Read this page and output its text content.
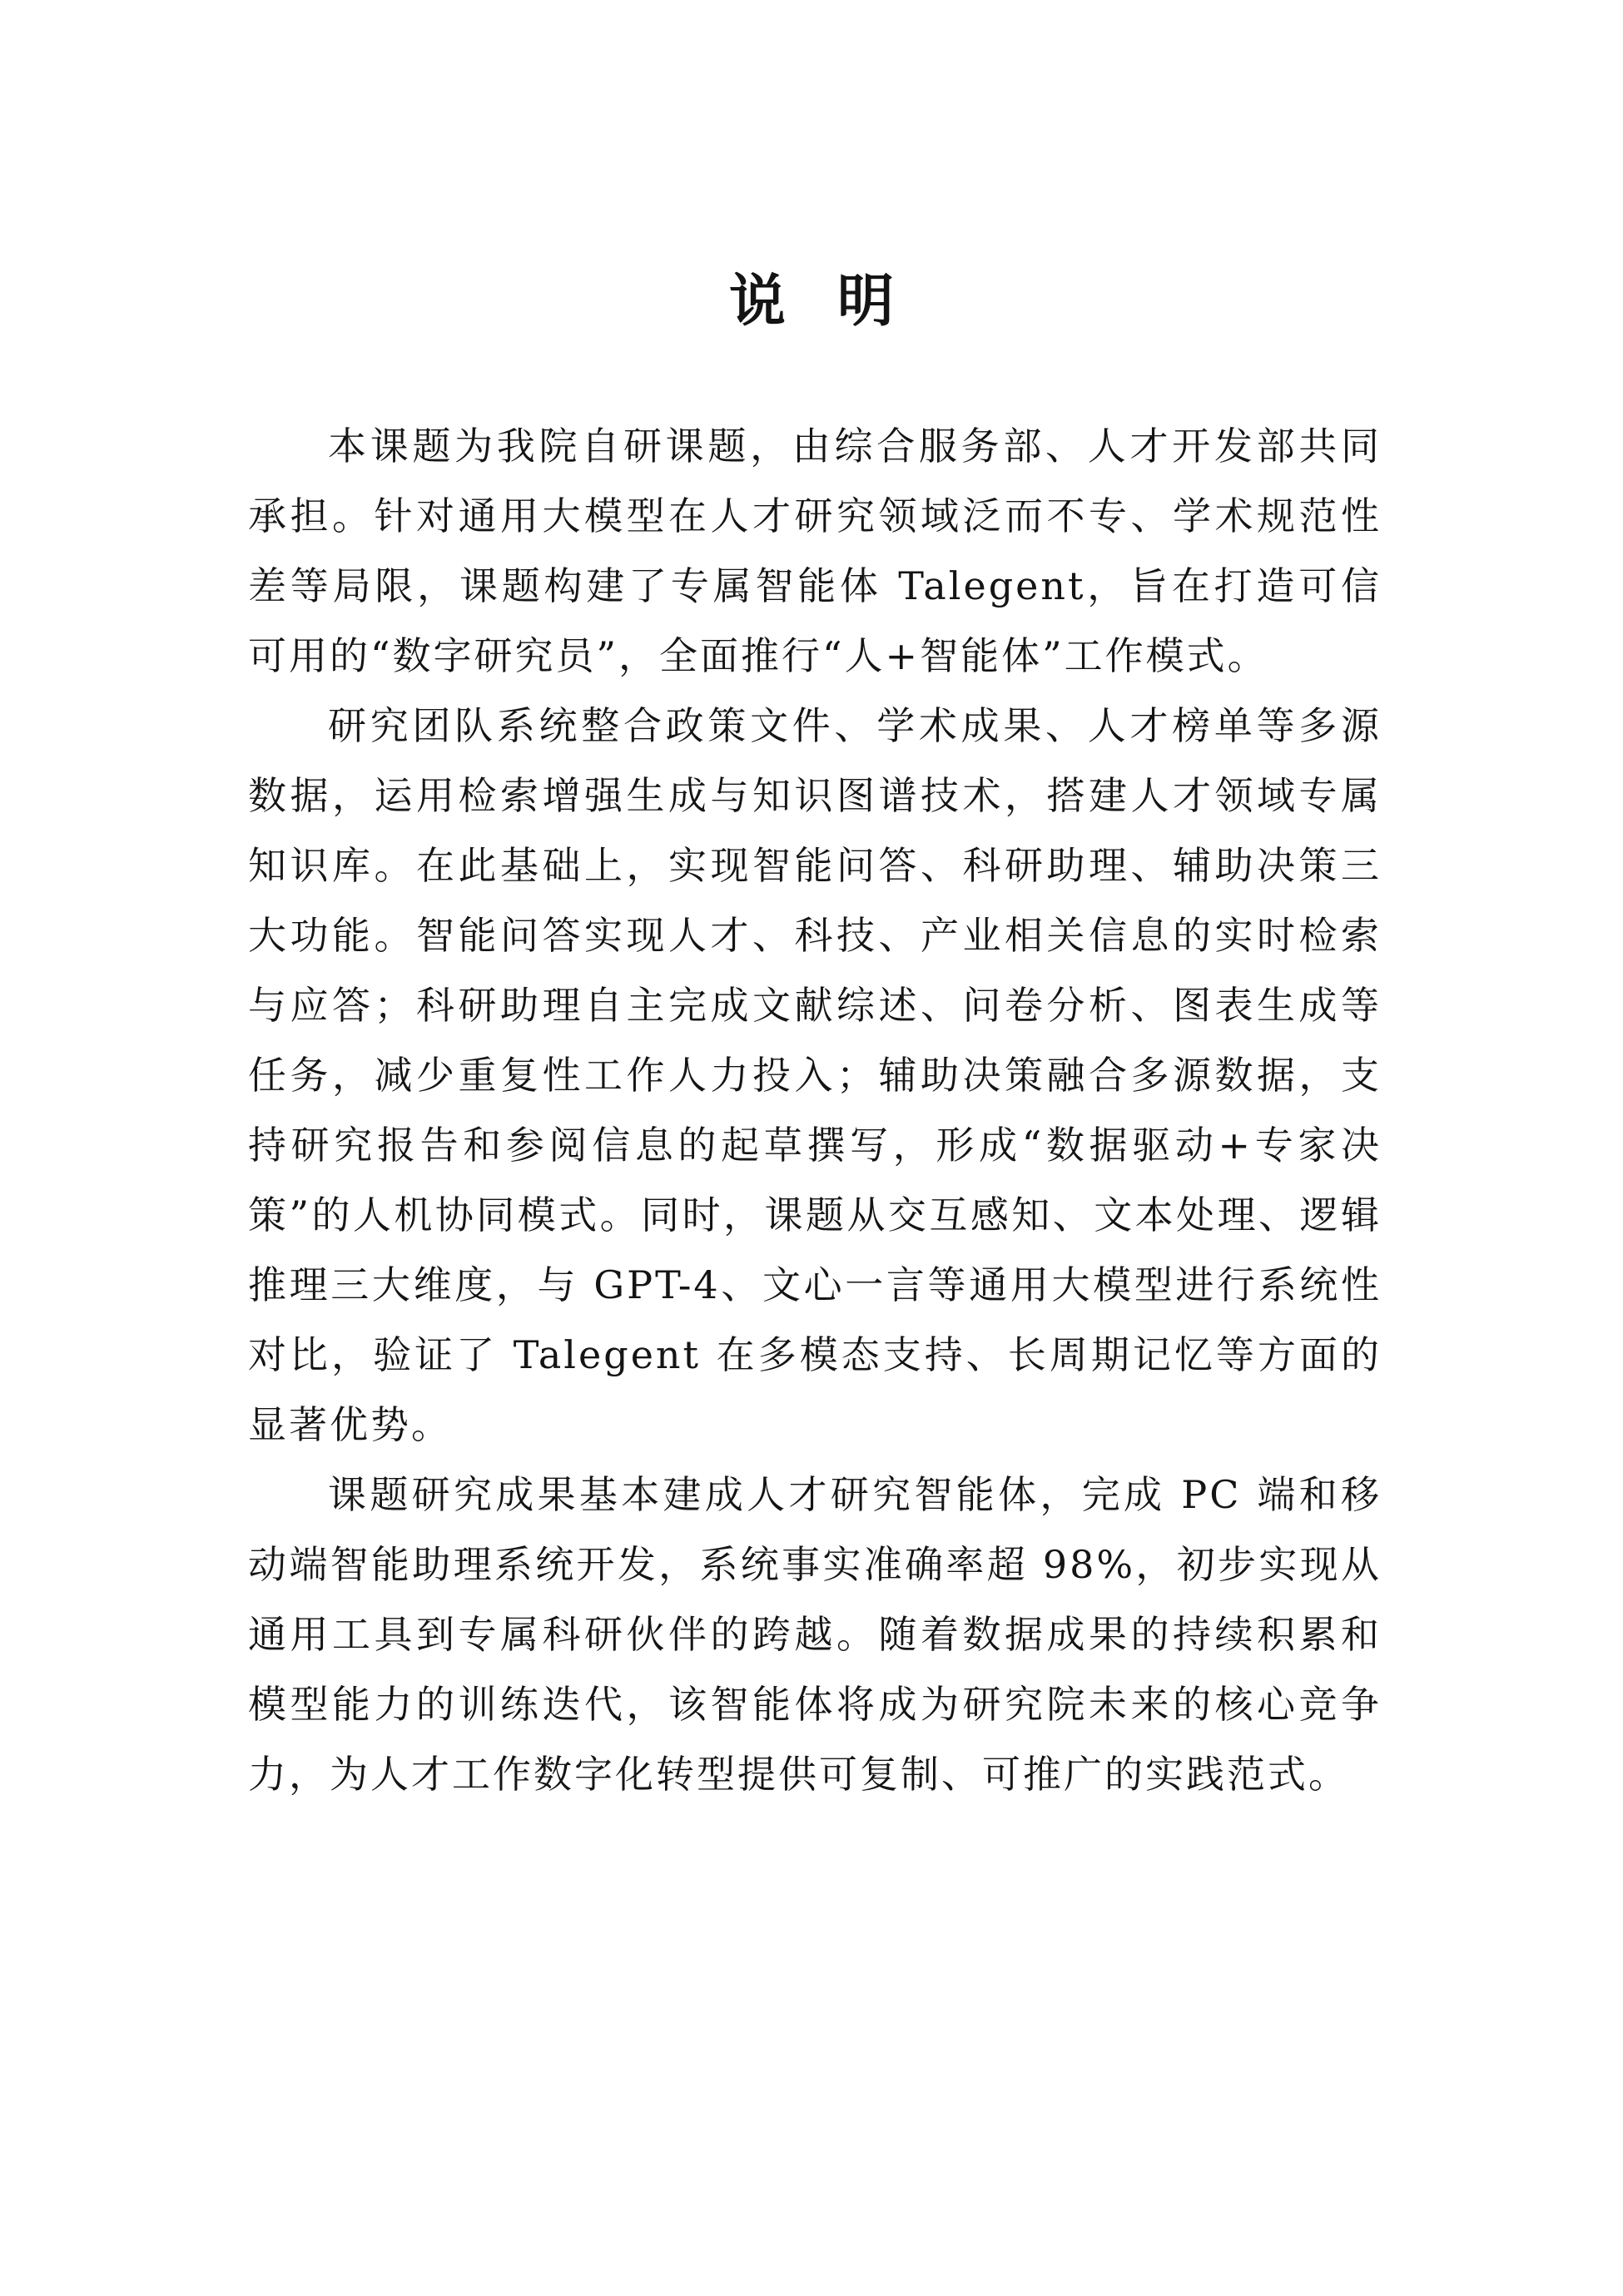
说明

本课题为我院自研课题，由综合服务部、人才开发部共同承担。针对通用大模型在人才研究领域泛而不专、学术规范性差等局限，课题构建了专属智能体 Talegent，旨在打造可信可用的“数字研究员”，全面推行“人+智能体”工作模式。

研究团队系统整合政策文件、学术成果、人才榜单等多源数据，运用检索增强生成与知识图谱技术，搭建人才领域专属知识库。在此基础上，实现智能问答、科研助理、辅助决策三大功能。智能问答实现人才、科技、产业相关信息的实时检索与应答；科研助理自主完成文献综述、问卷分析、图表生成等任务，减少重复性工作人力投入；辅助决策融合多源数据，支持研究报告和参阅信息的起草撰写，形成“数据驱动+专家决策”的人机协同模式。同时，课题从交互感知、文本处理、逻辑推理三大维度，与 GPT-4、文心一言等通用大模型进行系统性对比，验证了 Talegent 在多模态支持、长周期记忆等方面的显著优势。

课题研究成果基本建成人才研究智能体，完成 PC 端和移动端智能助理系统开发，系统事实准确率超 98%，初步实现从通用工具到专属科研伙伴的跨越。随着数据成果的持续积累和模型能力的训练迭代，该智能体将成为研究院未来的核心竞争力，为人才工作数字化转型提供可复制、可推广的实践范式。
